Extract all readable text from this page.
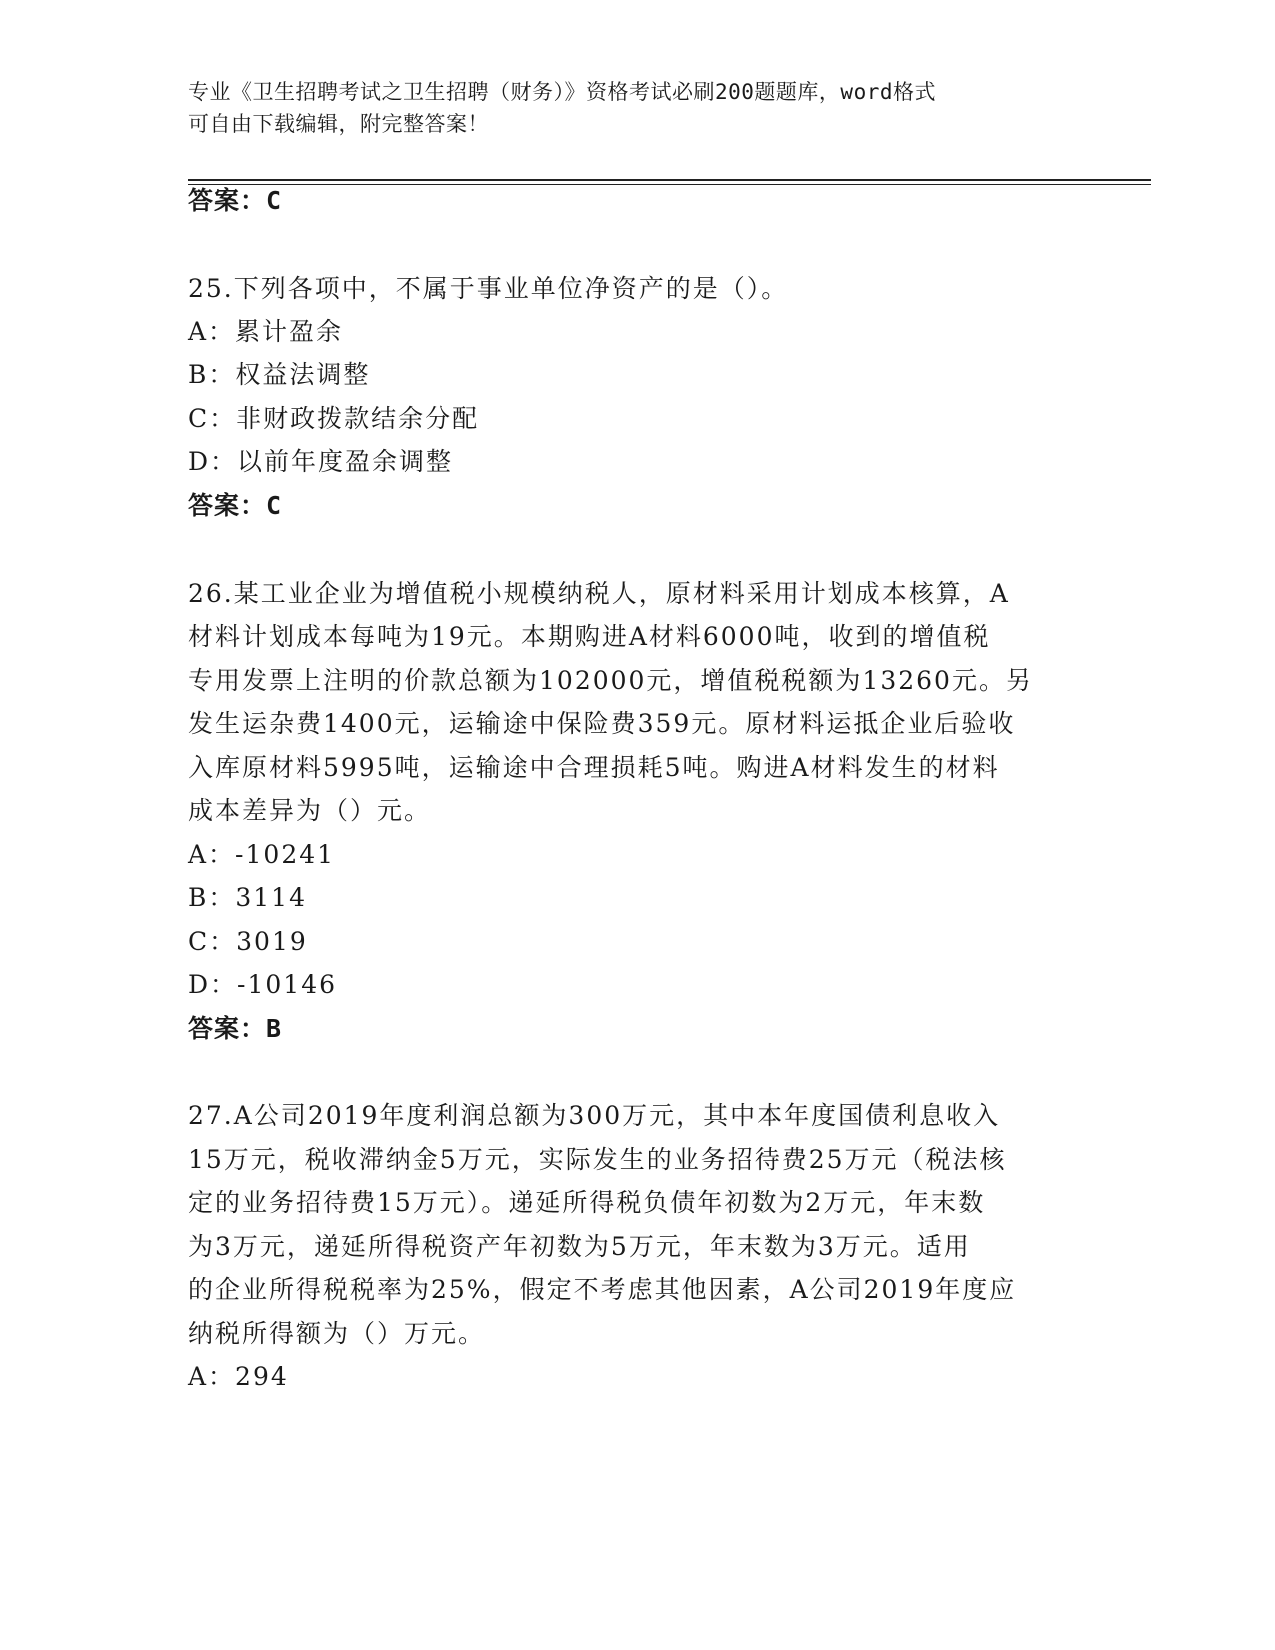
专业《卫生招聘考试之卫生招聘（财务）》资格考试必刷200题题库，word格式
可自由下载编辑，附完整答案！
答案：C
25.下列各项中，不属于事业单位净资产的是（）。
A：累计盈余
B：权益法调整
C：非财政拨款结余分配
D：以前年度盈余调整
答案：C
26.某工业企业为增值税小规模纳税人，原材料采用计划成本核算，A
材料计划成本每吨为19元。本期购进A材料6000吨，收到的增值税
专用发票上注明的价款总额为102000元，增值税税额为13260元。另
发生运杂费1400元，运输途中保险费359元。原材料运抵企业后验收
入库原材料5995吨，运输途中合理损耗5吨。购进A材料发生的材料
成本差异为（）元。
A：-10241
B：3114
C：3019
D：-10146
答案：B
27.A公司2019年度利润总额为300万元，其中本年度国债利息收入
15万元，税收滞纳金5万元，实际发生的业务招待费25万元（税法核
定的业务招待费15万元）。递延所得税负债年初数为2万元，年末数
为3万元，递延所得税资产年初数为5万元，年末数为3万元。适用
的企业所得税税率为25%，假定不考虑其他因素，A公司2019年度应
纳税所得额为（）万元。
A：294
